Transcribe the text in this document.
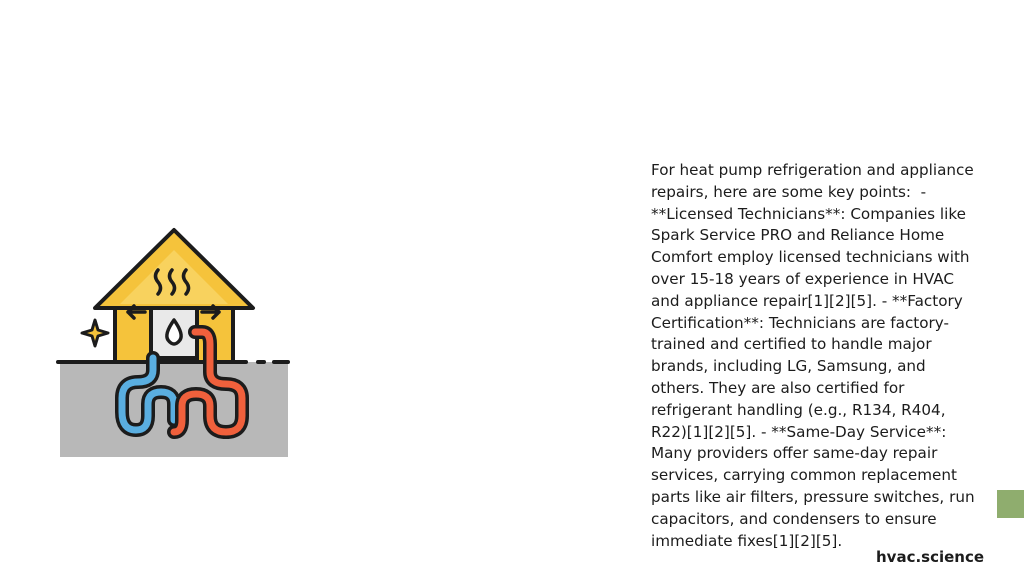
For heat pump refrigeration and appliance repairs, here are some key points:  - **Licensed Technicians**: Companies like Spark Service PRO and Reliance Home Comfort employ licensed technicians with over 15-18 years of experience in HVAC and appliance repair[1][2][5]. - **Factory Certification**: Technicians are factory-trained and certified to handle major brands, including LG, Samsung, and others. They are also certified for refrigerant handling (e.g., R134, R404, R22)[1][2][5]. - **Same-Day Service**: Many providers offer same-day repair services, carrying common replacement parts like air filters, pressure switches, run capacitors, and condensers to ensure immediate fixes[1][2][5].

hvac.science
